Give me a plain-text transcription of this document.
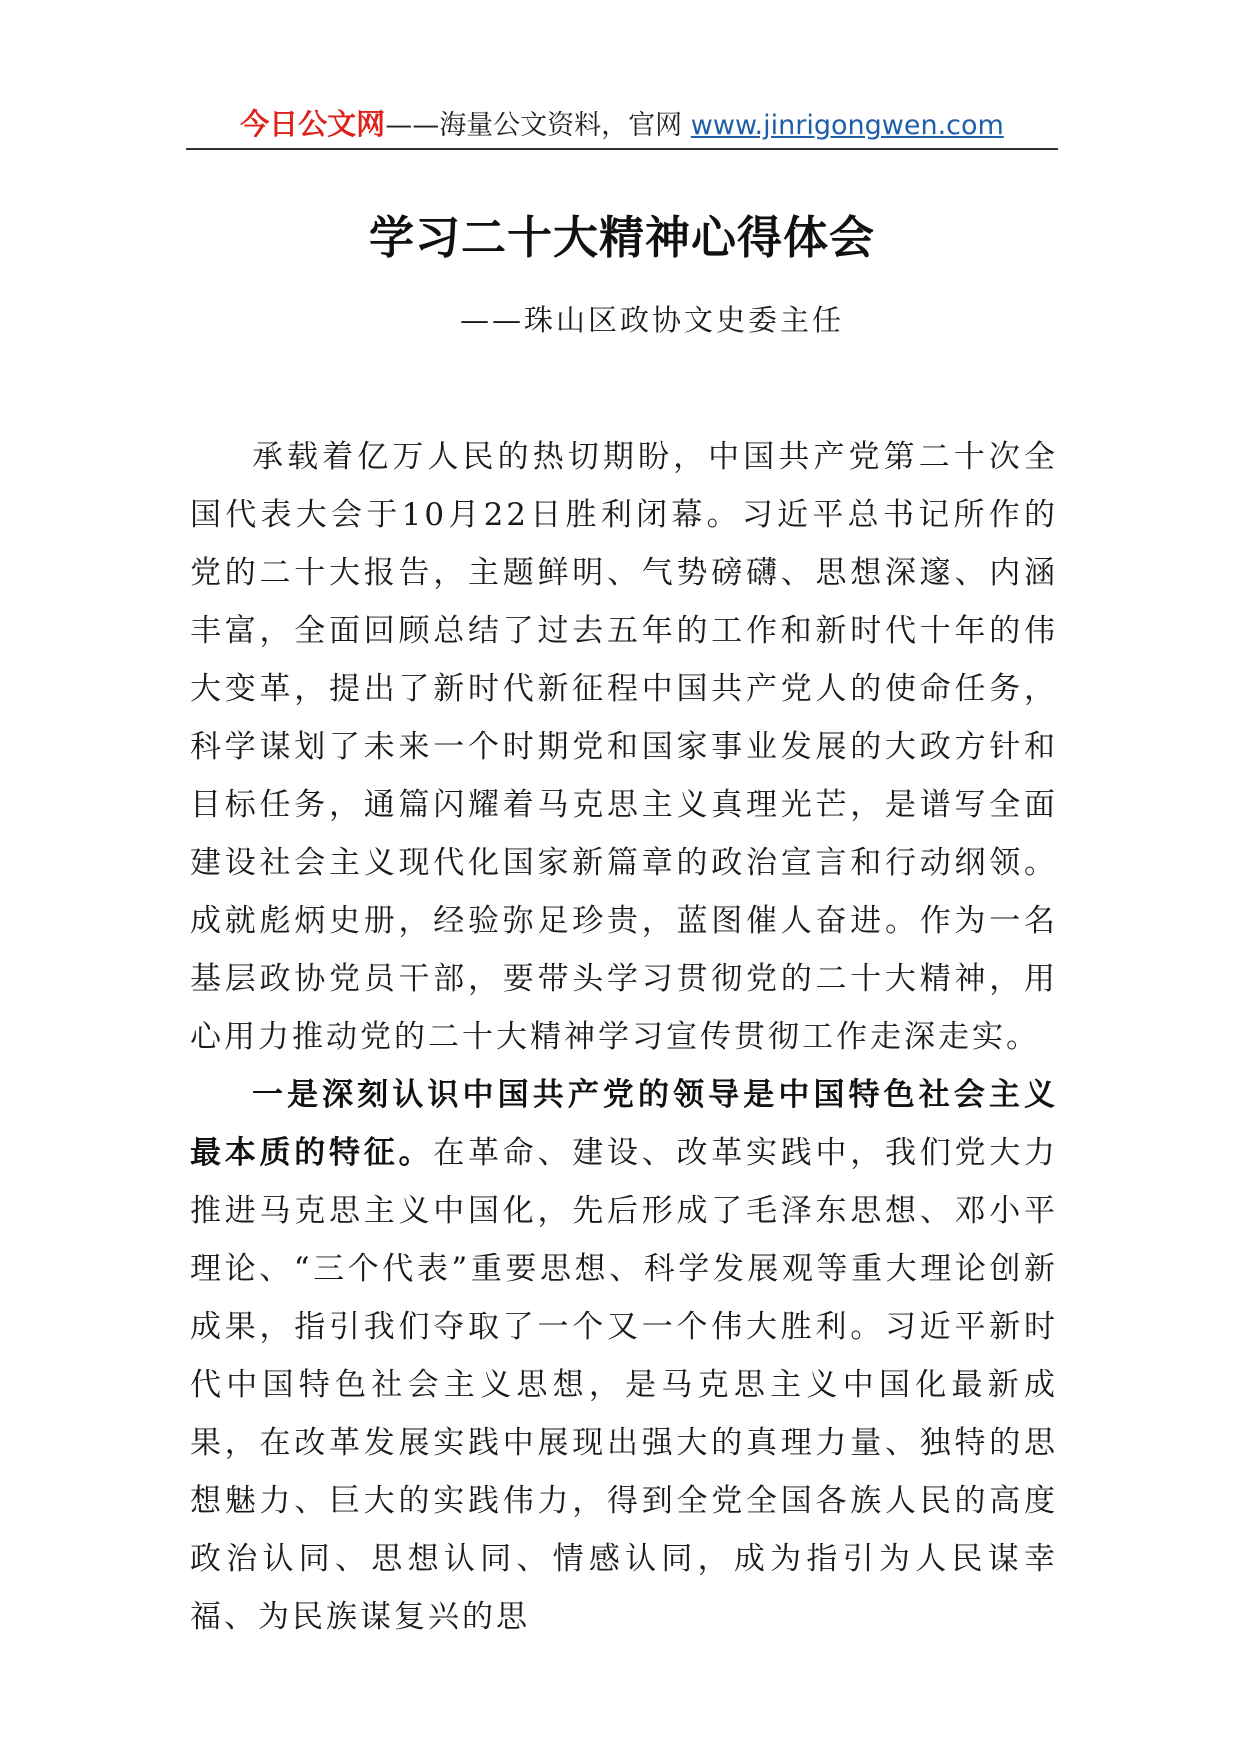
今日公文网——海量公文资料，官网 www.jinrigongwen.com
学习二十大精神心得体会
——珠山区政协文史委主任

承载着亿万人民的热切期盼，中国共产党第二十次全国代表大会于10月22日胜利闭幕。习近平总书记所作的党的二十大报告，主题鲜明、气势磅礴、思想深邃、内涵丰富，全面回顾总结了过去五年的工作和新时代十年的伟大变革，提出了新时代新征程中国共产党人的使命任务，科学谋划了未来一个时期党和国家事业发展的大政方针和目标任务，通篇闪耀着马克思主义真理光芒，是谱写全面建设社会主义现代化国家新篇章的政治宣言和行动纲领。成就彪炳史册，经验弥足珍贵，蓝图催人奋进。作为一名基层政协党员干部，要带头学习贯彻党的二十大精神，用心用力推动党的二十大精神学习宣传贯彻工作走深走实。

一是深刻认识中国共产党的领导是中国特色社会主义最本质的特征。在革命、建设、改革实践中，我们党大力推进马克思主义中国化，先后形成了毛泽东思想、邓小平理论、“三个代表”重要思想、科学发展观等重大理论创新成果，指引我们夺取了一个又一个伟大胜利。习近平新时代中国特色社会主义思想，是马克思主义中国化最新成果，在改革发展实践中展现出强大的真理力量、独特的思想魅力、巨大的实践伟力，得到全党全国各族人民的高度政治认同、思想认同、情感认同，成为指引为人民谋幸福、为民族谋复兴的思
